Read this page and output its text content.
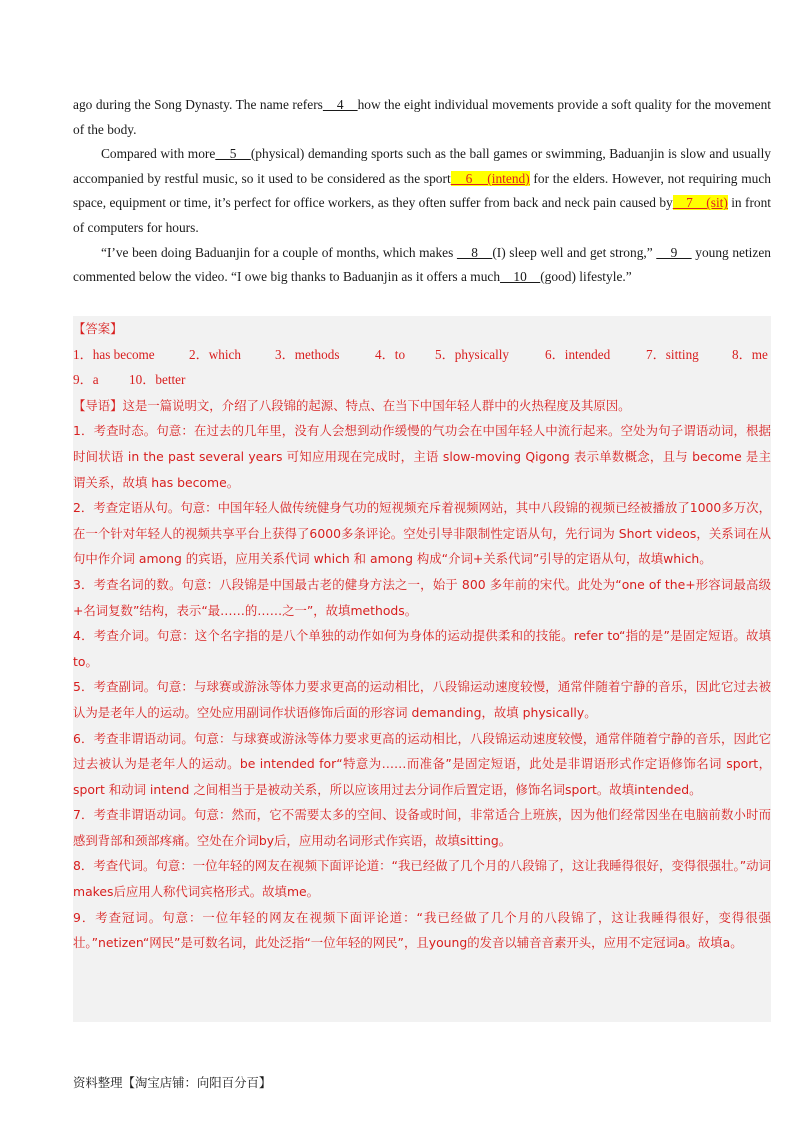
ago during the Song Dynasty. The name refers    4    how the eight individual movements provide a soft quality for the movement of the body.

Compared with more    5    (physical) demanding sports such as the ball games or swimming, Baduanjin is slow and usually accompanied by restful music, so it used to be considered as the sport    6    (intend) for the elders. However, not requiring much space, equipment or time, it’s perfect for office workers, as they often suffer from back and neck pain caused by    7    (sit) in front of computers for hours.

“I’ve been doing Baduanjin for a couple of months, which makes     8    (I) sleep well and get strong,”     9     young netizen commented below the video. “I owe big thanks to Baduanjin as it offers a much    10    (good) lifestyle.”

【答案】

1．has become	2．which	3．methods	4．to	5．physically	6．intended	7．sitting	8．me
9．a	10．better

【导语】这是一篇说明文，介绍了八段锦的起源、特点、在当下中国年轻人群中的火热程度及其原因。

1．考查时态。句意：在过去的几年里，没有人会想到动作缓慢的气功会在中国年轻人中流行起来。空处为句子谓语动词，根据时间状语 in the past several years 可知应用现在完成时，主语 slow-moving Qigong 表示单数概念，且与 become 是主谓关系，故填 has become。

2．考查定语从句。句意：中国年轻人做传统健身气功的短视频充斥着视频网站，其中八段锦的视频已经被播放了1000多万次，在一个针对年轻人的视频共享平台上获得了6000多条评论。空处引导非限制性定语从句，先行词为 Short videos，关系词在从句中作介词 among 的宾语，应用关系代词 which 和 among 构成“介词+关系代词”引导的定语从句，故填which。

3．考查名词的数。句意：八段锦是中国最古老的健身方法之一，始于 800 多年前的宋代。此处为“one of the+形容词最高级+名词复数”结构，表示“最……的……之一”，故填methods。

4．考查介词。句意：这个名字指的是八个单独的动作如何为身体的运动提供柔和的技能。refer to“指的是”是固定短语。故填to。

5．考查副词。句意：与球赛或游泳等体力要求更高的运动相比，八段锦运动速度较慢，通常伴随着宁静的音乐，因此它过去被认为是老年人的运动。空处应用副词作状语修饰后面的形容词 demanding，故填 physically。

6．考查非谓语动词。句意：与球赛或游泳等体力要求更高的运动相比，八段锦运动速度较慢，通常伴随着宁静的音乐，因此它过去被认为是老年人的运动。be intended for“特意为……而准备”是固定短语，此处是非谓语形式作定语修饰名词 sport，sport 和动词 intend 之间相当于是被动关系，所以应该用过去分词作后置定语，修饰名词sport。故填intended。

7．考查非谓语动词。句意：然而，它不需要太多的空间、设备或时间，非常适合上班族，因为他们经常因坐在电脑前数小时而感到背部和颈部疼痛。空处在介词by后，应用动名词形式作宾语，故填sitting。

8．考查代词。句意：一位年轻的网友在视频下面评论道：“我已经做了几个月的八段锦了，这让我睡得很好，变得很强壮。”动词makes后应用人称代词宾格形式。故填me。

9．考查冠词。句意：一位年轻的网友在视频下面评论道：“我已经做了几个月的八段锦了，这让我睡得很好，变得很强壮。”netizen“网民”是可数名词，此处泛指“一位年轻的网民”，且young的发音以辅音音素开头，应用不定冠词a。故填a。

资料整理【淘宝店铺：向阳百分百】
